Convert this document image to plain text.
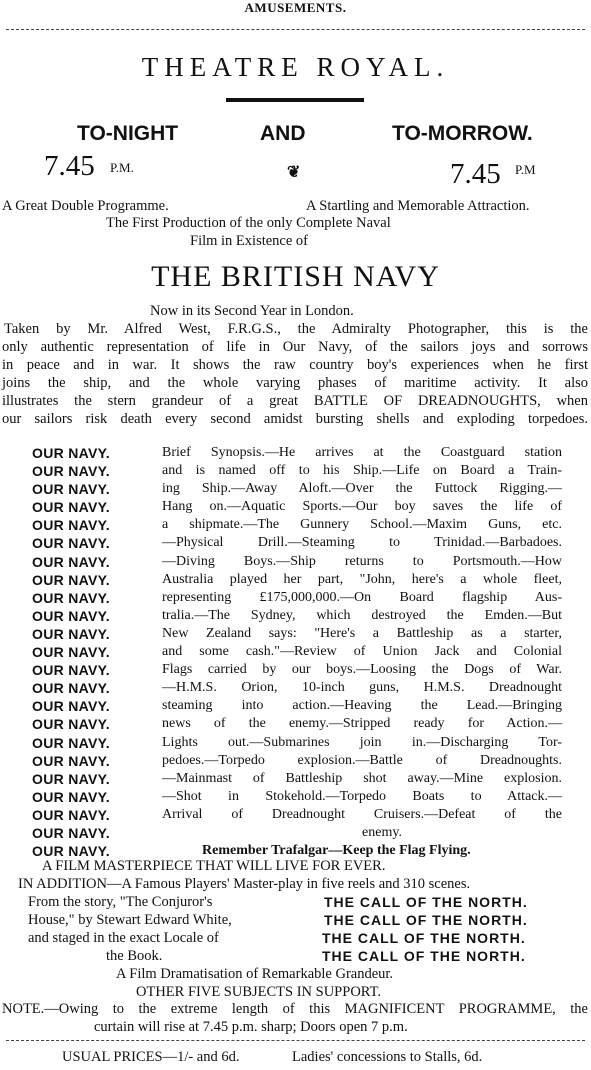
AMUSEMENTS.
THEATRE ROYAL.
TO-NIGHT	AND	TO-MORROW.
7.45 P.M.	❦	7.45 P.M
A Great Double Programme.	A Startling and Memorable Attraction.
The First Production of the only Complete Naval
Film in Existence of
THE BRITISH NAVY
Now in its Second Year in London.
Taken by Mr. Alfred West, F.R.G.S., the Admiralty Photographer, this is the
only authentic representation of life in Our Navy, of the sailors joys and sorrows
in peace and in war. It shows the raw country boy's experiences when he first
joins the ship, and the whole varying phases of maritime activity. It also
illustrates the stern grandeur of a great BATTLE OF DREADNOUGHTS, when
our sailors risk death every second amidst bursting shells and exploding torpedoes.
OUR NAVY.
OUR NAVY.
OUR NAVY.
OUR NAVY.
OUR NAVY.
OUR NAVY.
OUR NAVY.
OUR NAVY.
OUR NAVY.
OUR NAVY.
OUR NAVY.
OUR NAVY.
OUR NAVY.
OUR NAVY.
OUR NAVY.
OUR NAVY.
OUR NAVY.
OUR NAVY.
OUR NAVY.
OUR NAVY.
OUR NAVY.
OUR NAVY.
OUR NAVY.
Brief Synopsis.—He arrives at the Coastguard station
and is named off to his Ship.—Life on Board a Train-
ing Ship.—Away Aloft.—Over the Futtock Rigging.—
Hang on.—Aquatic Sports.—Our boy saves the life of
a shipmate.—The Gunnery School.—Maxim Guns, etc.
—Physical Drill.—Steaming to Trinidad.—Barbadoes.
—Diving Boys.—Ship returns to Portsmouth.—How
Australia played her part, "John, here's a whole fleet,
representing £175,000,000.—On Board flagship Aus-
tralia.—The Sydney, which destroyed the Emden.—But
New Zealand says: "Here's a Battleship as a starter,
and some cash."—Review of Union Jack and Colonial
Flags carried by our boys.—Loosing the Dogs of War.
—H.M.S. Orion, 10-inch guns, H.M.S. Dreadnought
steaming into action.—Heaving the Lead.—Bringing
news of the enemy.—Stripped ready for Action.—
Lights out.—Submarines join in.—Discharging Tor-
pedoes.—Torpedo explosion.—Battle of Dreadnoughts.
—Mainmast of Battleship shot away.—Mine explosion.
—Shot in Stokehold.—Torpedo Boats to Attack.—
Arrival of Dreadnought Cruisers.—Defeat of the
enemy.
Remember Trafalgar—Keep the Flag Flying.
A FILM MASTERPIECE THAT WILL LIVE FOR EVER.
IN ADDITION—A Famous Players' Master-play in five reels and 310 scenes.
From the story, "The Conjuror's
House," by Stewart Edward White,
and staged in the exact Locale of
the Book.
THE CALL OF THE NORTH.
THE CALL OF THE NORTH.
THE CALL OF THE NORTH.
THE CALL OF THE NORTH.
A Film Dramatisation of Remarkable Grandeur.
OTHER FIVE SUBJECTS IN SUPPORT.
NOTE.—Owing to the extreme length of this MAGNIFICENT PROGRAMME, the
curtain will rise at 7.45 p.m. sharp; Doors open 7 p.m.
USUAL PRICES—1/- and 6d.	Ladies' concessions to Stalls, 6d.
